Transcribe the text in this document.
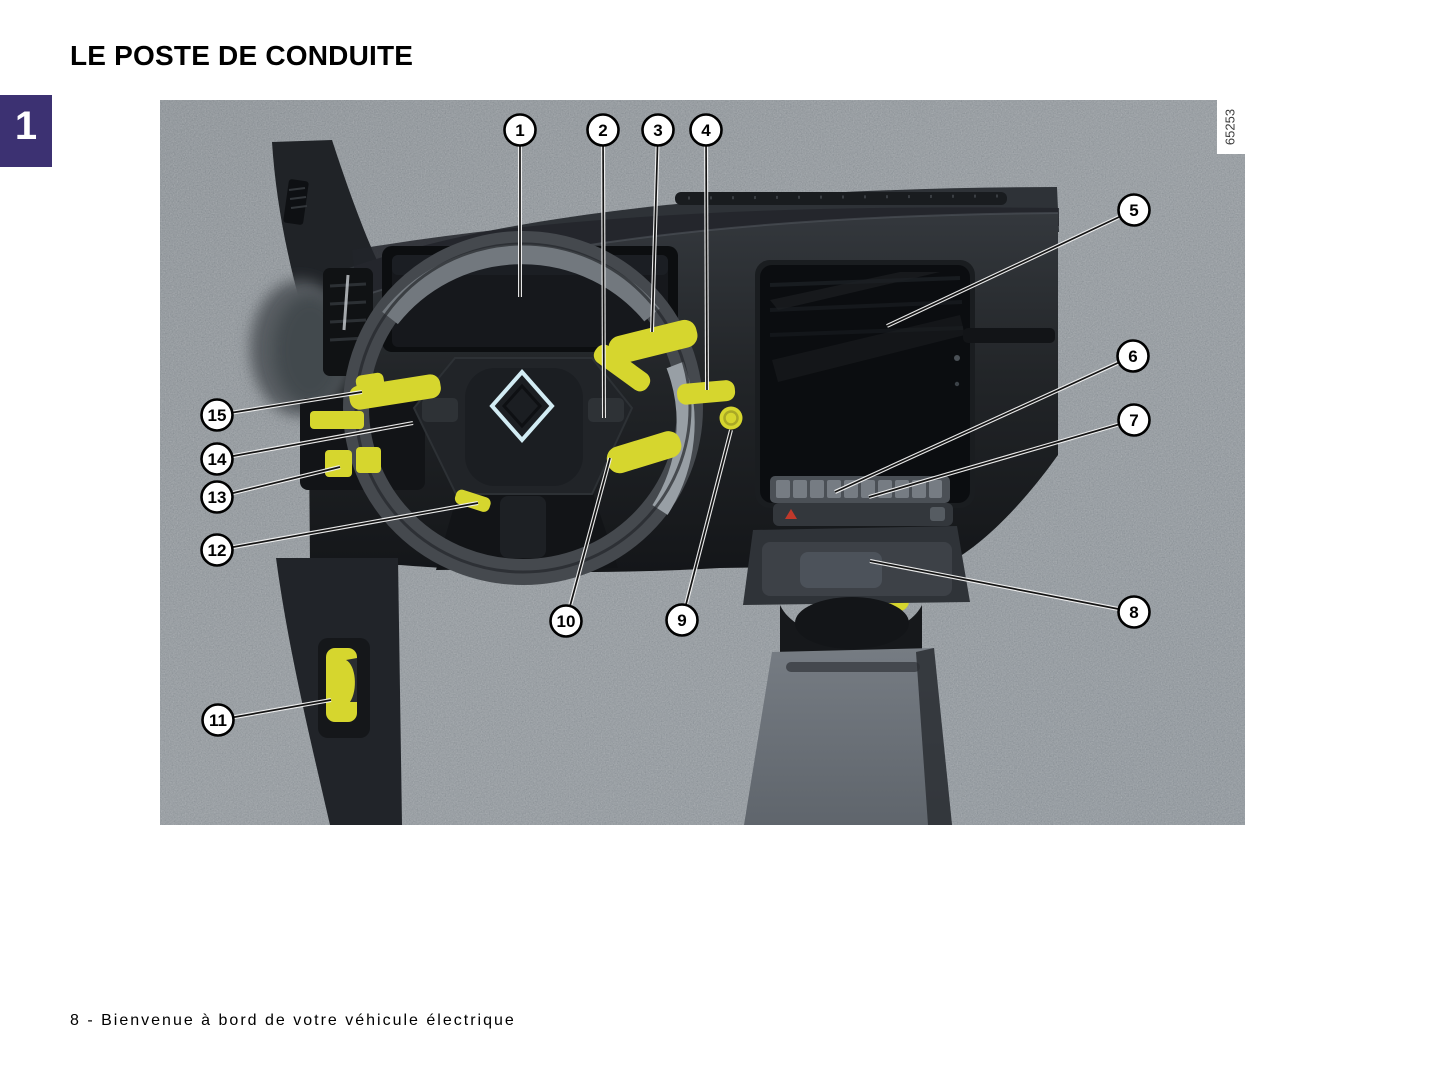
LE POSTE DE CONDUITE
1	65253
1	2	3 4
5
6
7
8
9
10
11
12
13
14
15
8 - Bienvenue à bord de votre véhicule électrique
